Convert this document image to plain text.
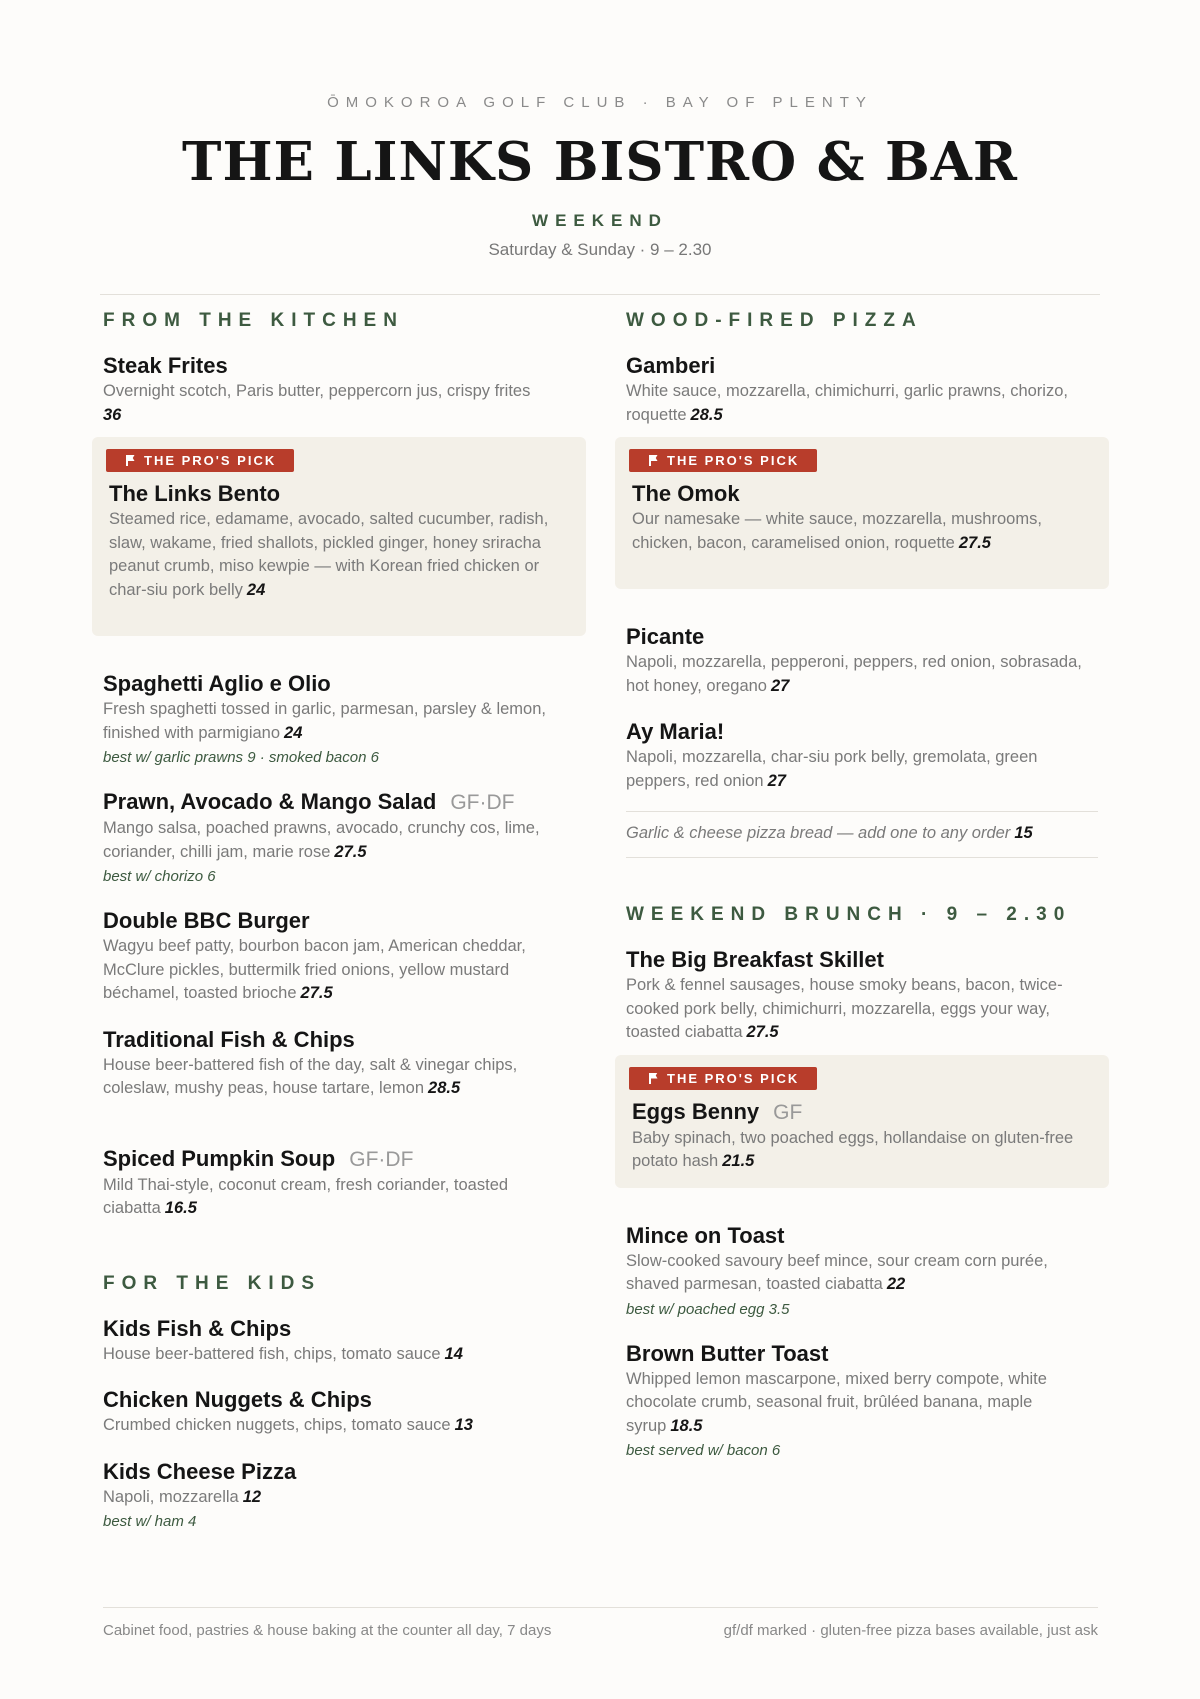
ŌMOKOROA GOLF CLUB · BAY OF PLENTY
THE LINKS BISTRO & BAR
WEEKEND
Saturday & Sunday · 9 – 2.30
FROM THE KITCHEN
Steak Frites
Overnight scotch, Paris butter, peppercorn jus, crispy frites
36
THE PRO'S PICK
The Links Bento
Steamed rice, edamame, avocado, salted cucumber, radish, slaw, wakame, fried shallots, pickled ginger, honey sriracha peanut crumb, miso kewpie — with Korean fried chicken or char-siu pork belly 24
Spaghetti Aglio e Olio
Fresh spaghetti tossed in garlic, parmesan, parsley & lemon, finished with parmigiano 24
best w/ garlic prawns 9 · smoked bacon 6
Prawn, Avocado & Mango Salad GF·DF
Mango salsa, poached prawns, avocado, crunchy cos, lime, coriander, chilli jam, marie rose 27.5
best w/ chorizo 6
Double BBC Burger
Wagyu beef patty, bourbon bacon jam, American cheddar, McClure pickles, buttermilk fried onions, yellow mustard béchamel, toasted brioche 27.5
Traditional Fish & Chips
House beer-battered fish of the day, salt & vinegar chips, coleslaw, mushy peas, house tartare, lemon 28.5
Spiced Pumpkin Soup GF·DF
Mild Thai-style, coconut cream, fresh coriander, toasted ciabatta 16.5
FOR THE KIDS
Kids Fish & Chips
House beer-battered fish, chips, tomato sauce 14
Chicken Nuggets & Chips
Crumbed chicken nuggets, chips, tomato sauce 13
Kids Cheese Pizza
Napoli, mozzarella 12
best w/ ham 4
WOOD-FIRED PIZZA
Gamberi
White sauce, mozzarella, chimichurri, garlic prawns, chorizo, roquette 28.5
THE PRO'S PICK
The Omok
Our namesake — white sauce, mozzarella, mushrooms, chicken, bacon, caramelised onion, roquette 27.5
Picante
Napoli, mozzarella, pepperoni, peppers, red onion, sobrasada, hot honey, oregano 27
Ay Maria!
Napoli, mozzarella, char-siu pork belly, gremolata, green peppers, red onion 27
Garlic & cheese pizza bread — add one to any order 15
WEEKEND BRUNCH · 9 – 2.30
The Big Breakfast Skillet
Pork & fennel sausages, house smoky beans, bacon, twice-cooked pork belly, chimichurri, mozzarella, eggs your way, toasted ciabatta 27.5
THE PRO'S PICK
Eggs Benny GF
Baby spinach, two poached eggs, hollandaise on gluten-free potato hash 21.5
Mince on Toast
Slow-cooked savoury beef mince, sour cream corn purée, shaved parmesan, toasted ciabatta 22
best w/ poached egg 3.5
Brown Butter Toast
Whipped lemon mascarpone, mixed berry compote, white chocolate crumb, seasonal fruit, brûléed banana, maple syrup 18.5
best served w/ bacon 6
Cabinet food, pastries & house baking at the counter all day, 7 days	gf/df marked · gluten-free pizza bases available, just ask
